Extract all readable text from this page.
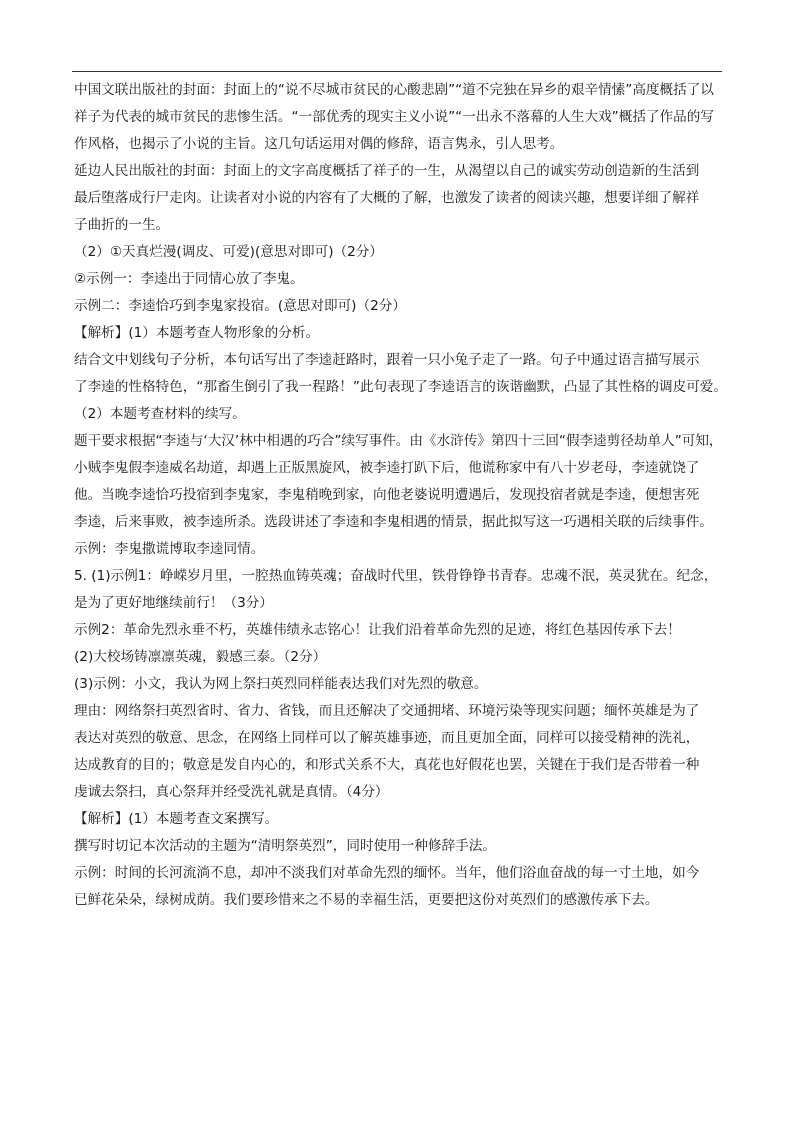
中国文联出版社的封面：封面上的“说不尽城市贫民的心酸悲剧”“道不完独在异乡的艰辛情愫”高度概括了以
祥子为代表的城市贫民的悲惨生活。“一部优秀的现实主义小说”“一出永不落幕的人生大戏”概括了作品的写
作风格，也揭示了小说的主旨。这几句话运用对偶的修辞，语言隽永，引人思考。
延边人民出版社的封面：封面上的文字高度概括了祥子的一生，从渴望以自己的诚实劳动创造新的生活到
最后堕落成行尸走肉。让读者对小说的内容有了大概的了解，也激发了读者的阅读兴趣，想要详细了解祥
子曲折的一生。
（2）①天真烂漫(调皮、可爱)(意思对即可)（2分）
②示例一：李逵出于同情心放了李鬼。
示例二：李逵恰巧到李鬼家投宿。(意思对即可)（2分）
【解析】(1）本题考查人物形象的分析。
结合文中划线句子分析，本句话写出了李逵赶路时，跟着一只小兔子走了一路。句子中通过语言描写展示
了李逵的性格特色，“那畜生倒引了我一程路！”此句表现了李逵语言的诙谐幽默，凸显了其性格的调皮可爱。
（2）本题考查材料的续写。
题干要求根据“李逵与‘大汉’林中相遇的巧合”续写事件。由《水浒传》第四十三回“假李逵剪径劫单人”可知，
小贼李鬼假李逵威名劫道，却遇上正版黑旋风，被李逵打趴下后，他谎称家中有八十岁老母，李逵就饶了
他。当晚李逵恰巧投宿到李鬼家，李鬼稍晚到家，向他老婆说明遭遇后，发现投宿者就是李逵，便想害死
李逵，后来事败，被李逵所杀。选段讲述了李逵和李鬼相遇的情景，据此拟写这一巧遇相关联的后续事件。
示例：李鬼撒谎博取李逵同情。
5. (1)示例1：峥嵘岁月里，一腔热血铸英魂；奋战时代里，铁骨铮铮书青春。忠魂不泯，英灵犹在。纪念，
是为了更好地继续前行！（3分）
示例2：革命先烈永垂不朽，英雄伟绩永志铭心！让我们沿着革命先烈的足迹，将红色基因传承下去！
(2)大校场铸凛凛英魂，毅感三泰。（2分）
(3)示例：小文，我认为网上祭扫英烈同样能表达我们对先烈的敬意。
理由：网络祭扫英烈省时、省力、省钱，而且还解决了交通拥堵、环境污染等现实问题；缅怀英雄是为了
表达对英烈的敬意、思念，在网络上同样可以了解英雄事迹，而且更加全面，同样可以接受精神的洗礼，
达成教育的目的；敬意是发自内心的，和形式关系不大，真花也好假花也罢，关键在于我们是否带着一种
虔诚去祭扫，真心祭拜并经受洗礼就是真情。（4分）
【解析】(1）本题考查文案撰写。
撰写时切记本次活动的主题为“清明祭英烈”，同时使用一种修辞手法。
示例：时间的长河流淌不息，却冲不淡我们对革命先烈的缅怀。当年，他们浴血奋战的每一寸土地，如今
已鲜花朵朵，绿树成荫。我们要珍惜来之不易的幸福生活，更要把这份对英烈们的感激传承下去。
